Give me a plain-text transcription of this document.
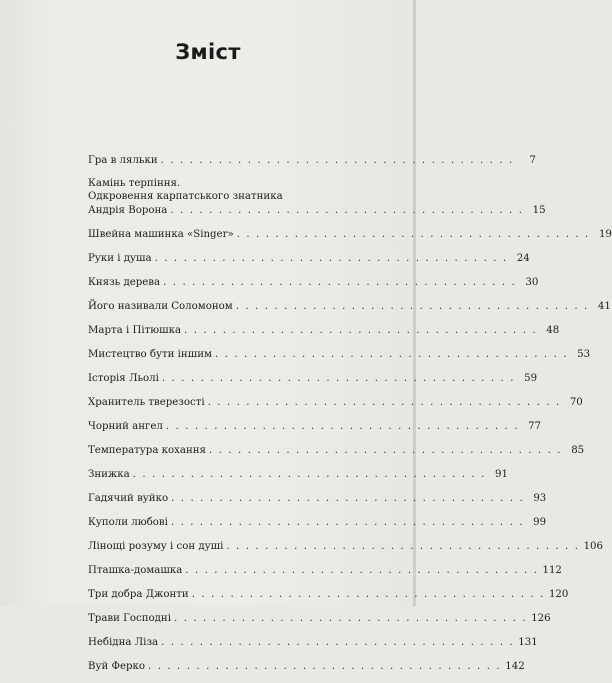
Зміст
Гра в ляльки . . . . . . . . . . . . . . . . . . . . . . . . . . . . . . . . . . . . .	7
Камінь терпіння.
Одкровення карпатського знатника
Андрія Ворона . . . . . . . . . . . . . . . . . . . . . . . . . . . . . . . . . . . . . 15
Швейна машинка «Singer» . . . . . . . . . . . . . . . . . . . . . . . . . . . . . . . . . . . . . 19
Руки і душа . . . . . . . . . . . . . . . . . . . . . . . . . . . . . . . . . . . . . 24
Князь дерева . . . . . . . . . . . . . . . . . . . . . . . . . . . . . . . . . . . . . 30
Його називали Соломоном . . . . . . . . . . . . . . . . . . . . . . . . . . . . . . . . . . . . . 41
Марта і Пітюшка . . . . . . . . . . . . . . . . . . . . . . . . . . . . . . . . . . . . . 48
Мистецтво бути іншим . . . . . . . . . . . . . . . . . . . . . . . . . . . . . . . . . . . . . 53
Історія Льолі . . . . . . . . . . . . . . . . . . . . . . . . . . . . . . . . . . . . . 59
Хранитель тверезості . . . . . . . . . . . . . . . . . . . . . . . . . . . . . . . . . . . . . 70
Чорний ангел . . . . . . . . . . . . . . . . . . . . . . . . . . . . . . . . . . . . . 77
Температура кохання . . . . . . . . . . . . . . . . . . . . . . . . . . . . . . . . . . . . . 85
Знижка . . . . . . . . . . . . . . . . . . . . . . . . . . . . . . . . . . . . . 91
Гадячий вуйко . . . . . . . . . . . . . . . . . . . . . . . . . . . . . . . . . . . . . 93
Куполи любові . . . . . . . . . . . . . . . . . . . . . . . . . . . . . . . . . . . . . 99
Лінощі розуму і сон душі . . . . . . . . . . . . . . . . . . . . . . . . . . . . . . . . . . . . . 106
Пташка-домашка . . . . . . . . . . . . . . . . . . . . . . . . . . . . . . . . . . . . . 112
Три добра Джонти . . . . . . . . . . . . . . . . . . . . . . . . . . . . . . . . . . . . . 120
Трави Господні . . . . . . . . . . . . . . . . . . . . . . . . . . . . . . . . . . . . . 126
Небідна Ліза . . . . . . . . . . . . . . . . . . . . . . . . . . . . . . . . . . . . . 131
Вуй Ферко . . . . . . . . . . . . . . . . . . . . . . . . . . . . . . . . . . . . . 142
